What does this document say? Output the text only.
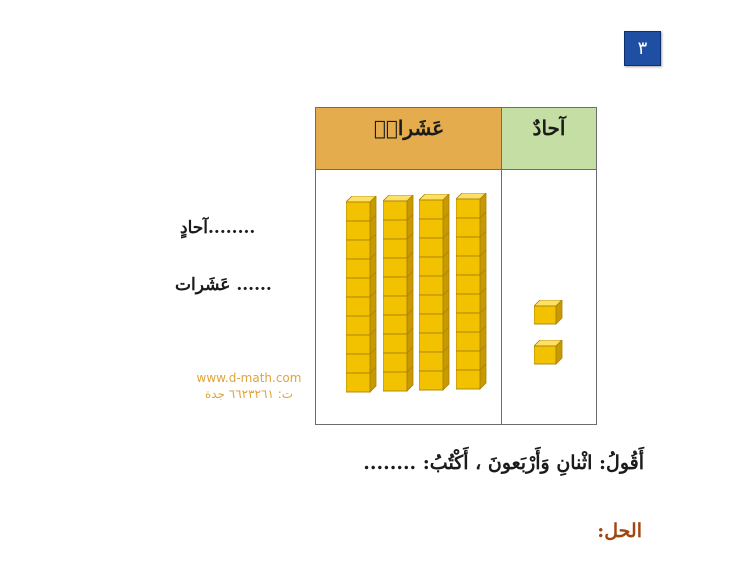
٣
عَشَرات٘	آحادٌ
........آحادٍ
...... عَشَرات
www.d-math.com
ت: ٦٦٢٣٢٦١ جدة
أَقُولُ: اثْنانِ وَأَرْبَعونَ ، أَكْتُبُ: ........
الحل:
